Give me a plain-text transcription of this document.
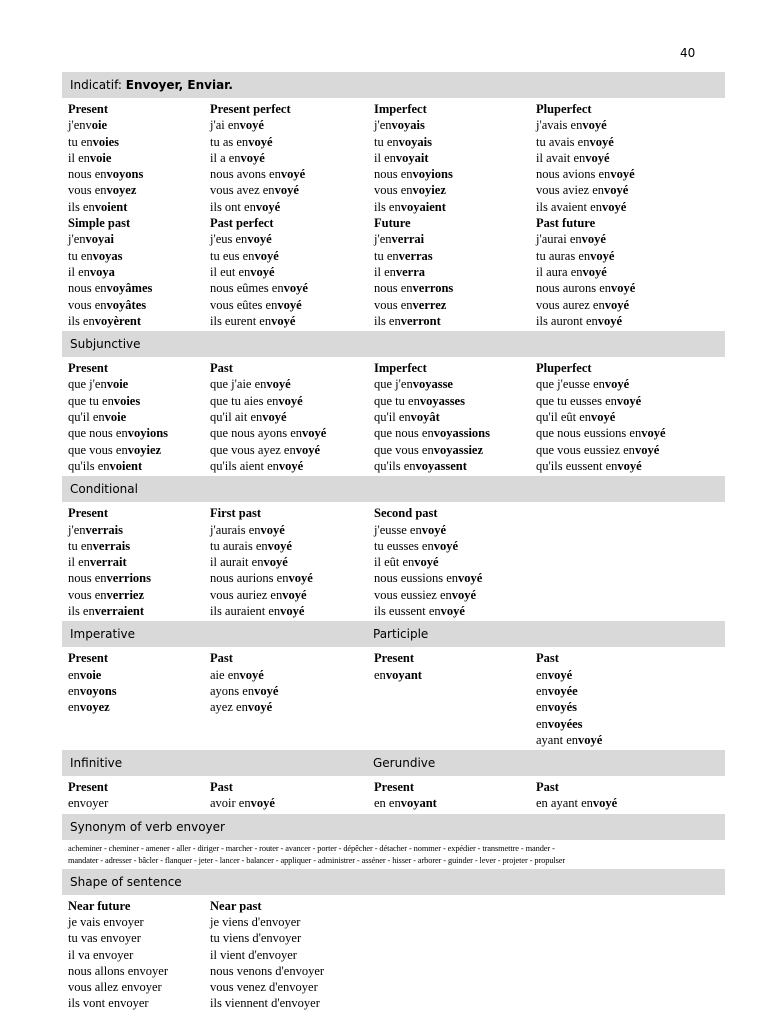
40
Indicatif: Envoyer, Enviar.
Present
j'envoie
tu envoies
il envoie
nous envoyons
vous envoyez
ils envoient
Present perfect
j'ai envoyé
tu as envoyé
il a envoyé
nous avons envoyé
vous avez envoyé
ils ont envoyé
Imperfect
j'envoyais
tu envoyais
il envoyait
nous envoyions
vous envoyiez
ils envoyaient
Pluperfect
j'avais envoyé
tu avais envoyé
il avait envoyé
nous avions envoyé
vous aviez envoyé
ils avaient envoyé
Simple past
j'envoyai
tu envoyas
il envoya
nous envoyâmes
vous envoyâtes
ils envoyèrent
Past perfect
j'eus envoyé
tu eus envoyé
il eut envoyé
nous eûmes envoyé
vous eûtes envoyé
ils eurent envoyé
Future
j'enverrai
tu enverras
il enverra
nous enverrons
vous enverrez
ils enverront
Past future
j'aurai envoyé
tu auras envoyé
il aura envoyé
nous aurons envoyé
vous aurez envoyé
ils auront envoyé
Subjunctive
Present
que j'envoie
que tu envoies
qu'il envoie
que nous envoyions
que vous envoyiez
qu'ils envoient
Past
que j'aie envoyé
que tu aies envoyé
qu'il ait envoyé
que nous ayons envoyé
que vous ayez envoyé
qu'ils aient envoyé
Imperfect
que j'envoyasse
que tu envoyasses
qu'il envoyât
que nous envoyassions
que vous envoyassiez
qu'ils envoyassent
Pluperfect
que j'eusse envoyé
que tu eusses envoyé
qu'il eût envoyé
que nous eussions envoyé
que vous eussiez envoyé
qu'ils eussent envoyé
Conditional
Present
j'enverrais
tu enverrais
il enverrait
nous enverrions
vous enverriez
ils enverraient
First past
j'aurais envoyé
tu aurais envoyé
il aurait envoyé
nous aurions envoyé
vous auriez envoyé
ils auraient envoyé
Second past
j'eusse envoyé
tu eusses envoyé
il eût envoyé
nous eussions envoyé
vous eussiez envoyé
ils eussent envoyé
Imperative	Participle
Present
envoie
envoyons
envoyez
Past
aie envoyé
ayons envoyé
ayez envoyé
Present
envoyant
Past
envoyé
envoyée
envoyés
envoyées
ayant envoyé
Infinitive	Gerundive
Present
envoyer
Past
avoir envoyé
Present
en envoyant
Past
en ayant envoyé
Synonym of verb envoyer
acheminer - cheminer - amener - aller - diriger - marcher - router - avancer - porter - dépêcher - détacher - nommer - expédier - transmettre - mander -
mandater - adresser - bâcler - flanquer - jeter - lancer - balancer - appliquer - administrer - asséner - hisser - arborer - guinder - lever - projeter - propulser
Shape of sentence
Near future
je vais envoyer
tu vas envoyer
il va envoyer
nous allons envoyer
vous allez envoyer
ils vont envoyer
Near past
je viens d'envoyer
tu viens d'envoyer
il vient d'envoyer
nous venons d'envoyer
vous venez d'envoyer
ils viennent d'envoyer
